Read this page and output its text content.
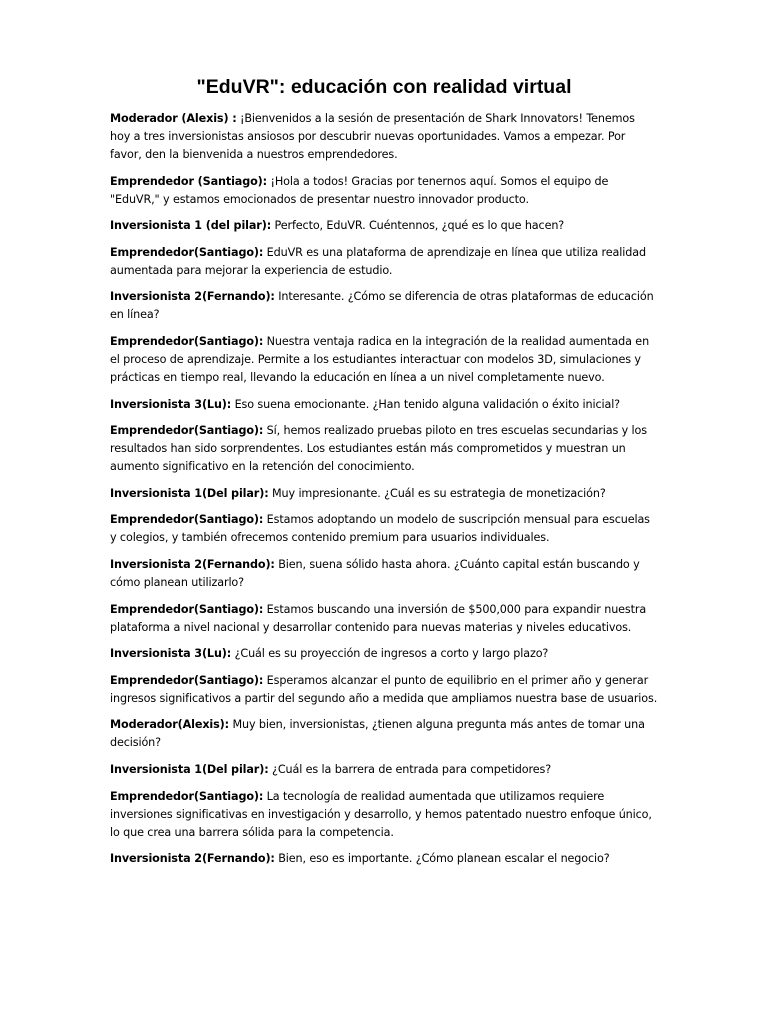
"EduVR": educación con realidad virtual

Moderador (Alexis) : ¡Bienvenidos a la sesión de presentación de Shark Innovators! Tenemos hoy a tres inversionistas ansiosos por descubrir nuevas oportunidades. Vamos a empezar. Por favor, den la bienvenida a nuestros emprendedores.

Emprendedor (Santiago): ¡Hola a todos! Gracias por tenernos aquí. Somos el equipo de "EduVR," y estamos emocionados de presentar nuestro innovador producto.

Inversionista 1 (del pilar): Perfecto, EduVR. Cuéntennos, ¿qué es lo que hacen?

Emprendedor(Santiago): EduVR es una plataforma de aprendizaje en línea que utiliza realidad aumentada para mejorar la experiencia de estudio.

Inversionista 2(Fernando): Interesante. ¿Cómo se diferencia de otras plataformas de educación en línea?

Emprendedor(Santiago): Nuestra ventaja radica en la integración de la realidad aumentada en el proceso de aprendizaje. Permite a los estudiantes interactuar con modelos 3D, simulaciones y prácticas en tiempo real, llevando la educación en línea a un nivel completamente nuevo.

Inversionista 3(Lu): Eso suena emocionante. ¿Han tenido alguna validación o éxito inicial?

Emprendedor(Santiago): Sí, hemos realizado pruebas piloto en tres escuelas secundarias y los resultados han sido sorprendentes. Los estudiantes están más comprometidos y muestran un aumento significativo en la retención del conocimiento.

Inversionista 1(Del pilar): Muy impresionante. ¿Cuál es su estrategia de monetización?

Emprendedor(Santiago): Estamos adoptando un modelo de suscripción mensual para escuelas y colegios, y también ofrecemos contenido premium para usuarios individuales.

Inversionista 2(Fernando): Bien, suena sólido hasta ahora. ¿Cuánto capital están buscando y cómo planean utilizarlo?

Emprendedor(Santiago): Estamos buscando una inversión de $500,000 para expandir nuestra plataforma a nivel nacional y desarrollar contenido para nuevas materias y niveles educativos.

Inversionista 3(Lu): ¿Cuál es su proyección de ingresos a corto y largo plazo?

Emprendedor(Santiago): Esperamos alcanzar el punto de equilibrio en el primer año y generar ingresos significativos a partir del segundo año a medida que ampliamos nuestra base de usuarios.

Moderador(Alexis): Muy bien, inversionistas, ¿tienen alguna pregunta más antes de tomar una decisión?

Inversionista 1(Del pilar): ¿Cuál es la barrera de entrada para competidores?

Emprendedor(Santiago): La tecnología de realidad aumentada que utilizamos requiere inversiones significativas en investigación y desarrollo, y hemos patentado nuestro enfoque único, lo que crea una barrera sólida para la competencia.

Inversionista 2(Fernando): Bien, eso es importante. ¿Cómo planean escalar el negocio?
